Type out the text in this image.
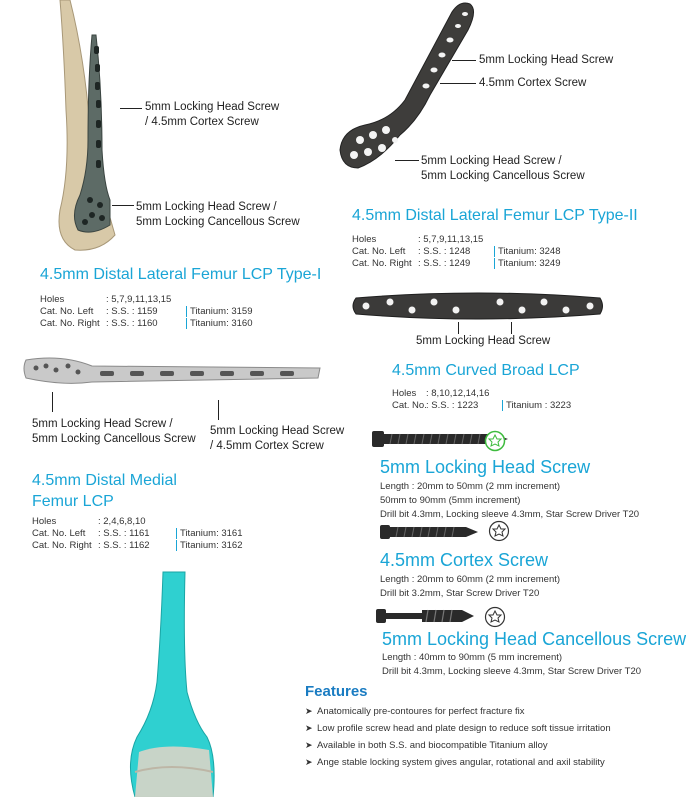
5mm Locking Head Screw
/ 4.5mm Cortex Screw
5mm Locking Head Screw /
5mm Locking Cancellous Screw
4.5mm Distal Lateral Femur LCP Type-I
Holes	: 5,7,9,11,13,15
Cat. No. Left : S.S. : 1159	Titanium: 3159
Cat. No. Right : S.S. : 1160	Titanium: 3160
5mm Locking Head Screw
4.5mm Cortex Screw
5mm Locking Head Screw /
5mm Locking Cancellous Screw
4.5mm Distal Lateral Femur LCP Type-II
Holes	: 5,7,9,11,13,15
Cat. No. Left : S.S. : 1248	Titanium: 3248
Cat. No. Right : S.S. : 1249	Titanium: 3249
5mm Locking Head Screw
4.5mm Curved Broad LCP
Holes : 8,10,12,14,16
Cat. No.: S.S. : 1223	Titanium : 3223
5mm Locking Head Screw /
5mm Locking Cancellous Screw
5mm Locking Head Screw
/ 4.5mm Cortex Screw
4.5mm Distal Medial
Femur LCP
Holes	: 2,4,6,8,10
Cat. No. Left : S.S. : 1161	Titanium: 3161
Cat. No. Right : S.S. : 1162	Titanium: 3162
5mm Locking Head Screw
Length : 20mm to 50mm (2 mm increment)
50mm to 90mm (5mm increment)
Drill bit 4.3mm, Locking sleeve 4.3mm, Star Screw Driver T20
4.5mm Cortex Screw
Length : 20mm to 60mm (2 mm increment)
Drill bit 3.2mm, Star Screw Driver T20
5mm Locking Head Cancellous Screw
Length : 40mm to 90mm (5 mm increment)
Drill bit 4.3mm, Locking sleeve 4.3mm, Star Screw Driver T20
Features
➤ Anatomically pre-contoures for perfect fracture fix
➤ Low profile screw head and plate design to reduce soft tissue irritation
➤ Available in both S.S. and biocompatible Titanium alloy
➤ Ange stable locking system gives angular, rotational and axil stability
